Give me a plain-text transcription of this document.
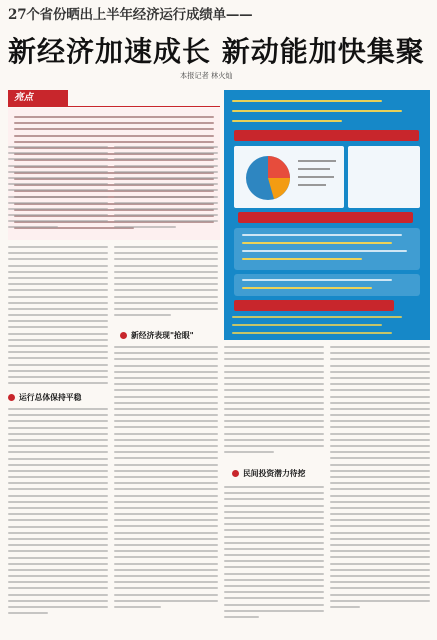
27个省份晒出上半年经济运行成绩单——
新经济加速成长 新动能加快集聚
本报记者 林火灿
亮点
运行总体保持平稳
新经济表现"抢眼"
民间投资潜力待挖
